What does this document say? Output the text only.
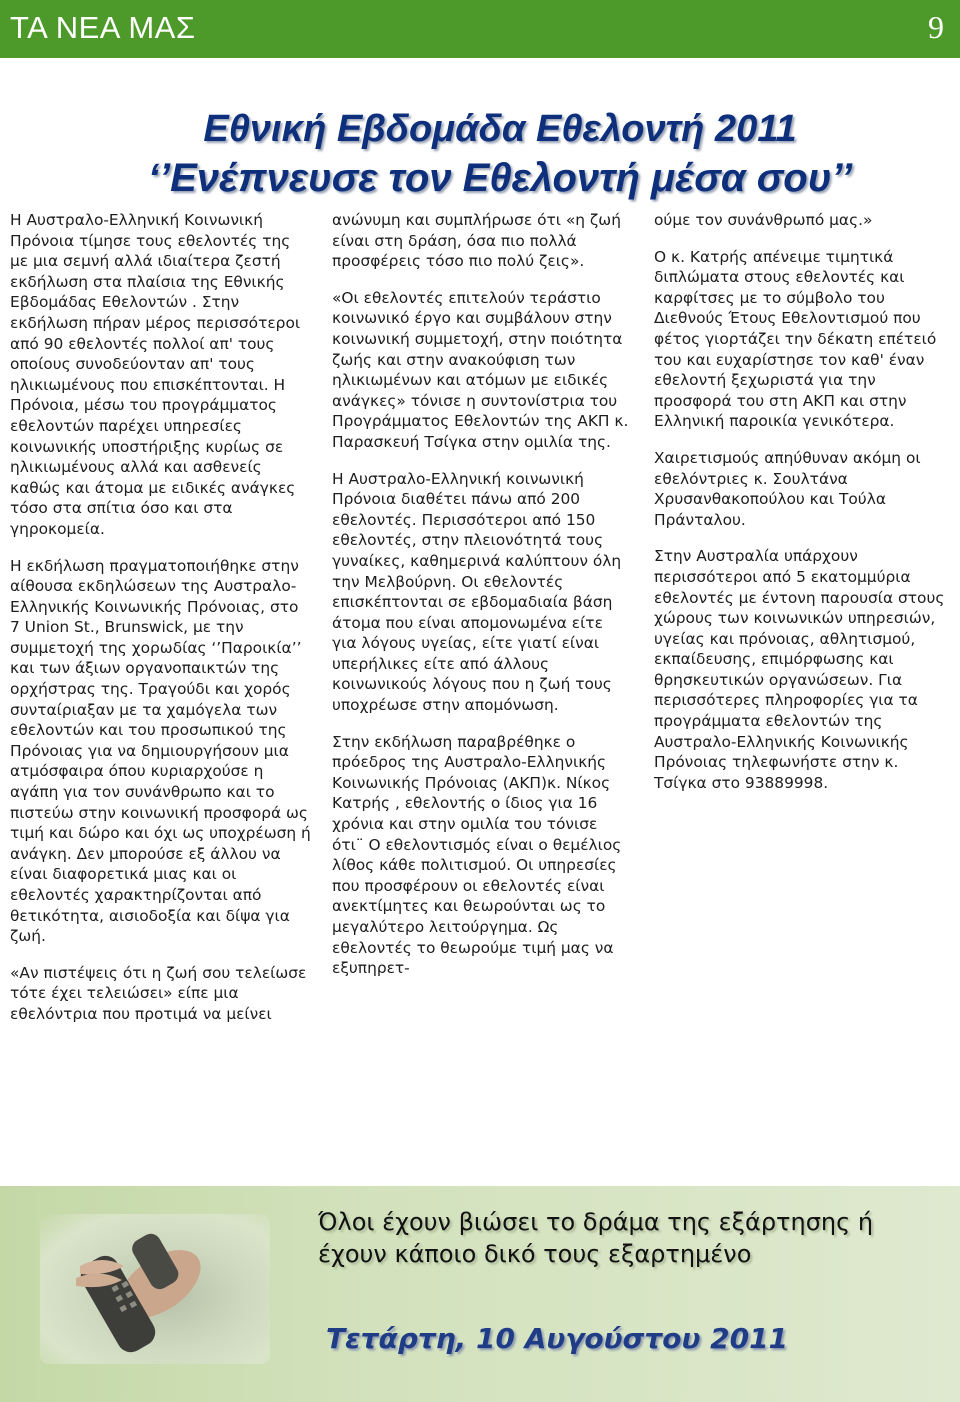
ΤΑ ΝΕΑ ΜΑΣ	9
Εθνική Εβδομάδα Εθελοντή 2011
‘’Ενέπνευσε τον Εθελοντή μέσα σου’’

Η Αυστραλο-Ελληνική Κοινωνική Πρόνοια τίμησε τους εθελοντές της με μια σεμνή αλλά ιδιαίτερα ζεστή εκδήλωση στα πλαίσια της Εθνικής Εβδομάδας Εθελοντών . Στην εκδήλωση πήραν μέρος περισσότεροι από 90 εθελοντές πολλοί απ' τους οποίους συνοδεύονταν απ' τους ηλικιωμένους που επισκέπτονται. Η Πρόνοια, μέσω του προγράμματος εθελοντών παρέχει υπηρεσίες κοινωνικής υποστήριξης κυρίως σε ηλικιωμένους αλλά και ασθενείς καθώς και άτομα με ειδικές ανάγκες τόσο στα σπίτια όσο και στα γηροκομεία.

Η εκδήλωση πραγματοποιήθηκε στην αίθουσα εκδηλώσεων της Αυστραλο-Ελληνικής Κοινωνικής Πρόνοιας, στο 7 Union St., Brunswick, με την συμμετοχή της χορωδίας ‘’Παροικία’’ και των άξιων οργανοπαικτών της ορχήστρας της. Τραγούδι και χορός συνταίριαξαν με τα χαμόγελα των εθελοντών και του προσωπικού της Πρόνοιας για να δημιουργήσουν μια ατμόσφαιρα όπου κυριαρχούσε η αγάπη για τον συνάνθρωπο και το πιστεύω στην κοινωνική προσφορά ως τιμή και δώρο και όχι ως υποχρέωση ή ανάγκη. Δεν μπορούσε εξ άλλου να είναι διαφορετικά μιας και οι εθελοντές χαρακτηρίζονται από θετικότητα, αισιοδοξία και δίψα για ζωή.

«Αν πιστέψεις ότι η ζωή σου τελείωσε τότε έχει τελειώσει» είπε μια εθελόντρια που προτιμά να μείνει

ανώνυμη και συμπλήρωσε ότι «η ζωή είναι στη δράση, όσα πιο πολλά προσφέρεις τόσο πιο πολύ ζεις».

«Οι εθελοντές επιτελούν τεράστιο κοινωνικό έργο και συμβάλουν στην κοινωνική συμμετοχή, στην ποιότητα ζωής και στην ανακούφιση των ηλικιωμένων και ατόμων με ειδικές ανάγκες» τόνισε η συντονίστρια του Προγράμματος Εθελοντών της ΑΚΠ κ. Παρασκευή Τσίγκα στην ομιλία της.

Η Αυστραλο-Ελληνική κοινωνική Πρόνοια διαθέτει πάνω από 200 εθελοντές. Περισσότεροι από 150 εθελοντές, στην πλειονότητά τους γυναίκες, καθημερινά καλύπτουν όλη την Μελβούρνη. Οι εθελοντές επισκέπτονται σε εβδομαδιαία βάση άτομα που είναι απομονωμένα είτε για λόγους υγείας, είτε γιατί είναι υπερήλικες είτε από άλλους κοινωνικούς λόγους που η ζωή τους υποχρέωσε στην απομόνωση.

Στην εκδήλωση παραβρέθηκε ο πρόεδρος της Αυστραλο-Ελληνικής Κοινωνικής Πρόνοιας (ΑΚΠ)κ. Νίκος Κατρής , εθελοντής ο ίδιος για 16 χρόνια και στην ομιλία του τόνισε ότι¨ Ο εθελοντισμός είναι ο θεμέλιος λίθος κάθε πολιτισμού. Οι υπηρεσίες που προσφέρουν οι εθελοντές είναι ανεκτίμητες και θεωρούνται ως το μεγαλύτερο λειτούργημα. Ως εθελοντές το θεωρούμε τιμή μας να εξυπηρετ-

ούμε τον συνάνθρωπό μας.»

Ο κ. Κατρής απένειμε τιμητικά διπλώματα στους εθελοντές και καρφίτσες με το σύμβολο του Διεθνούς Έτους Εθελοντισμού που φέτος γιορτάζει την δέκατη επέτειό του και ευχαρίστησε τον καθ' έναν εθελοντή ξεχωριστά για την προσφορά του στη ΑΚΠ και στην Ελληνική παροικία γενικότερα.

Χαιρετισμούς απηύθυναν ακόμη οι εθελόντριες κ. Σουλτάνα Χρυσανθακοπούλου και Τούλα Πράνταλου.

Στην Αυστραλία υπάρχουν περισσότεροι από 5 εκατομμύρια εθελοντές με έντονη παρουσία στους χώρους των κοινωνικών υπηρεσιών, υγείας και πρόνοιας, αθλητισμού, εκπαίδευσης, επιμόρφωσης και θρησκευτικών οργανώσεων. Για περισσότερες πληροφορίες για τα προγράμματα εθελοντών της Αυστραλο-Ελληνικής Κοινωνικής Πρόνοιας τηλεφωνήστε στην κ. Τσίγκα στο 93889998.

Όλοι έχουν βιώσει το δράμα της εξάρτησης ή
έχουν κάποιο δικό τους εξαρτημένο
Τετάρτη, 10 Αυγούστου 2011
